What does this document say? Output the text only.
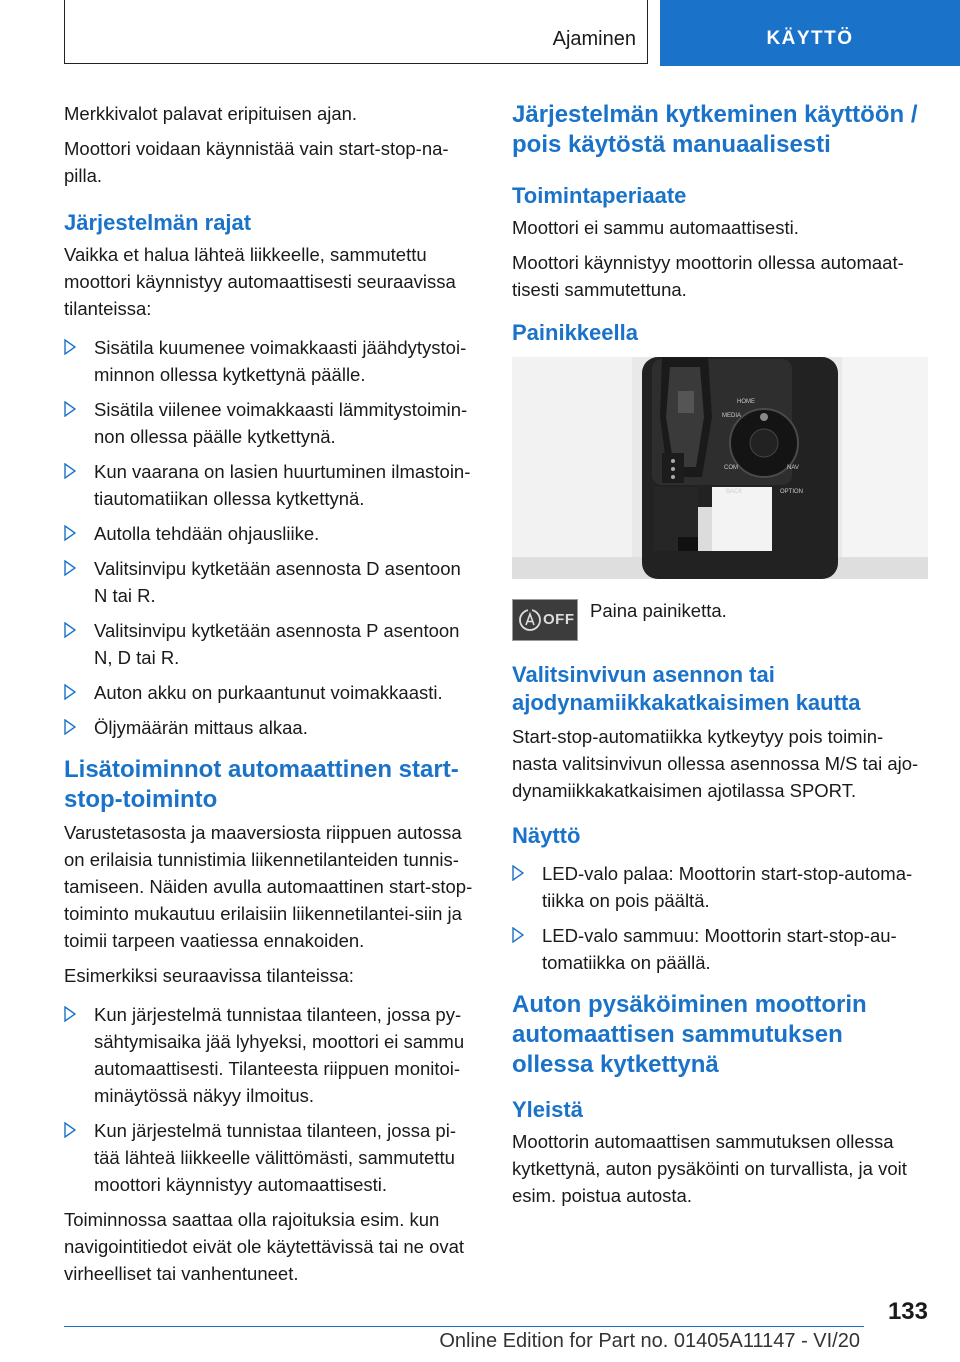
Ajaminen	KÄYTTÖ

Merkkivalot palavat eripituisen ajan.

Moottori voidaan käynnistää vain start-stop-na-pilla.

Järjestelmän rajat

Vaikka et halua lähteä liikkeelle, sammutettu moottori käynnistyy automaattisesti seuraavissa tilanteissa:

Sisätila kuumenee voimakkaasti jäähdytystoi-minnon ollessa kytkettynä päälle.
Sisätila viilenee voimakkaasti lämmitystoimin-non ollessa päälle kytkettynä.
Kun vaarana on lasien huurtuminen ilmastoin-tiautomatiikan ollessa kytkettynä.
Autolla tehdään ohjausliike.
Valitsinvipu kytketään asennosta D asentoon N tai R.
Valitsinvipu kytketään asennosta P asentoon N, D tai R.
Auton akku on purkaantunut voimakkaasti.
Öljymäärän mittaus alkaa.
Lisätoiminnot automaattinen start-stop-toiminto

Varustetasosta ja maaversiosta riippuen autossa on erilaisia tunnistimia liikennetilanteiden tunnis-tamiseen. Näiden avulla automaattinen start-stop-toiminto mukautuu erilaisiin liikennetilantei-siin ja toimii tarpeen vaatiessa ennakoiden.

Esimerkiksi seuraavissa tilanteissa:

Kun järjestelmä tunnistaa tilanteen, jossa py-sähtymisaika jää lyhyeksi, moottori ei sammu automaattisesti. Tilanteesta riippuen monitoi-minäytössä näkyy ilmoitus.
Kun järjestelmä tunnistaa tilanteen, jossa pi-tää lähteä liikkeelle välittömästi, sammutettu moottori käynnistyy automaattisesti.

Toiminnossa saattaa olla rajoituksia esim. kun navigointitiedot eivät ole käytettävissä tai ne ovat virheelliset tai vanhentuneet.

Järjestelmän kytkeminen käyttöön / pois käytöstä manuaalisesti
Toimintaperiaate

Moottori ei sammu automaattisesti.

Moottori käynnistyy moottorin ollessa automaat-tisesti sammutettuna.

Painikkeella
HOME
MEDIA
COM	NAV
BACK	OPTION
OFF Paina painiketta.

Valitsinvivun asennon tai ajodynamiikkakatkaisimen kautta

Start-stop-automatiikka kytkeytyy pois toimin-nasta valitsinvivun ollessa asennossa M/S tai ajo-dynamiikkakatkaisimen ajotilassa SPORT.

Näyttö
LED-valo palaa: Moottorin start-stop-automa-tiikka on pois päältä.
LED-valo sammuu: Moottorin start-stop-au-tomatiikka on päällä.
Auton pysäköiminen moottorin automaattisen sammutuksen ollessa kytkettynä
Yleistä

Moottorin automaattisen sammutuksen ollessa kytkettynä, auton pysäköinti on turvallista, ja voit esim. poistua autosta.

133
Online Edition for Part no. 01405A11147 - VI/20
